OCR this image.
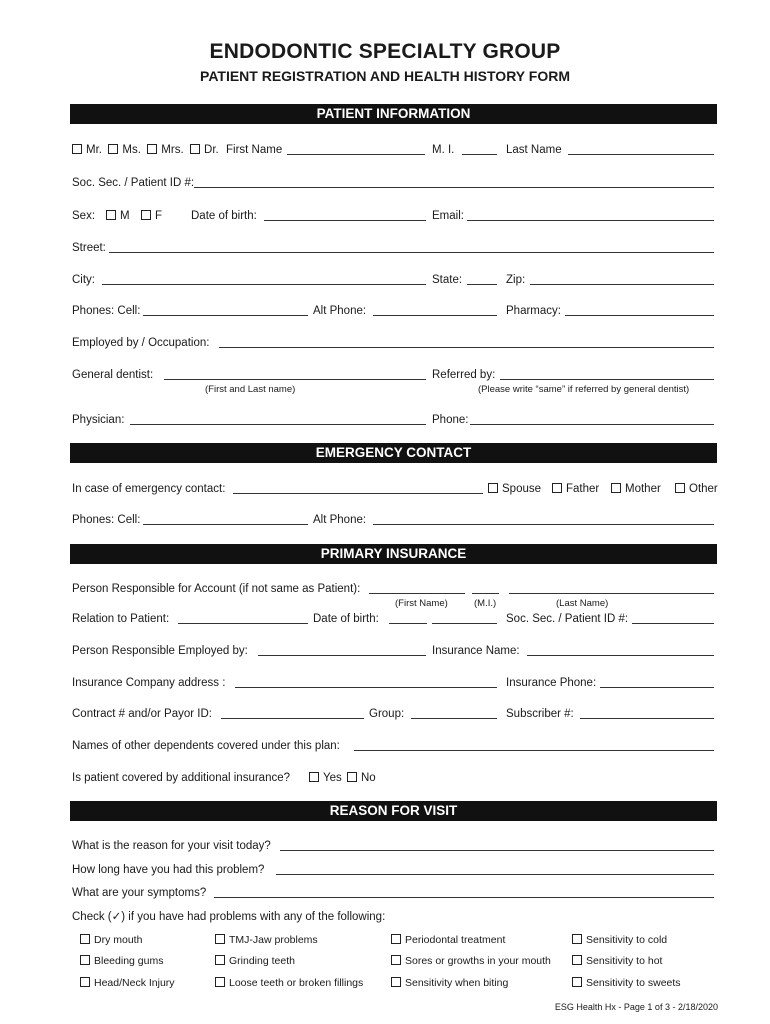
ENDODONTIC SPECIALTY GROUP
PATIENT REGISTRATION AND HEALTH HISTORY FORM
PATIENT INFORMATION
Mr. Ms. Mrs. Dr. First Name	M. I.	Last Name
Soc. Sec. / Patient ID #:
Sex:	M	F	Date of birth:	Email:
Street:
City:	State:	Zip:
Phones: Cell:	Alt Phone:	Pharmacy:
Employed by / Occupation:
General dentist:	Referred by:
(First and Last name)	(Please write “same” if referred by general dentist)
Physician:	Phone:
EMERGENCY CONTACT
In case of emergency contact:	Spouse	Father	Mother	Other
Phones: Cell:	Alt Phone:
PRIMARY INSURANCE
Person Responsible for Account (if not same as Patient):
(First Name)	(M.I.)	(Last Name)
Relation to Patient:	Date of birth:	Soc. Sec. / Patient ID #:
Person Responsible Employed by:	Insurance Name:
Insurance Company address :	Insurance Phone:
Contract # and/or Payor ID:	Group:	Subscriber #:
Names of other dependents covered under this plan:
Is patient covered by additional insurance?	Yes	No
REASON FOR VISIT
What is the reason for your visit today?
How long have you had this problem?
What are your symptoms?
Check (✓) if you have had problems with any of the following:
Dry mouth	TMJ-Jaw problems	Periodontal treatment	Sensitivity to cold
Bleeding gums	Grinding teeth	Sores or growths in your mouth	Sensitivity to hot
Head/Neck Injury	Loose teeth or broken fillings	Sensitivity when biting	Sensitivity to sweets
ESG Health Hx - Page 1 of 3 - 2/18/2020
